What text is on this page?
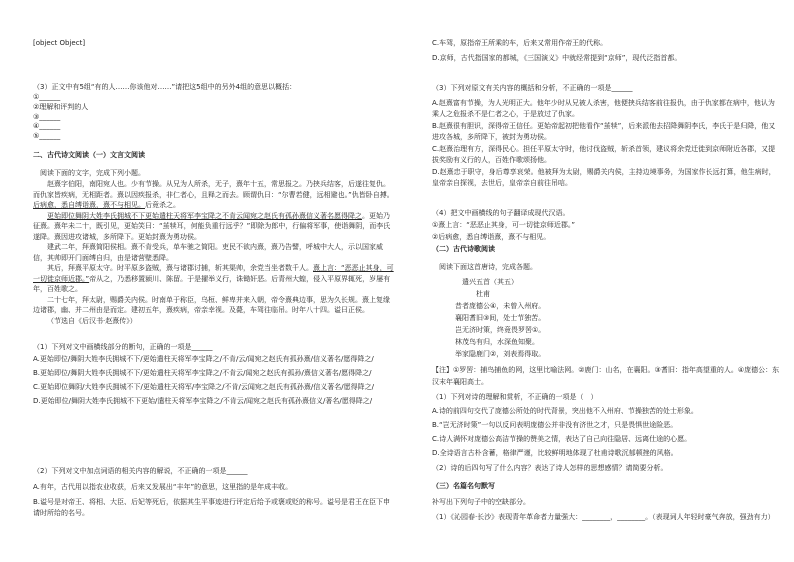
[object Object]

（3）正文中有5组“有的人……你该他对……”请把这5组中的另外4组的意思以概括：

①______

②理解和评判的人

③______

④______

⑤______

二、古代诗文阅读（一）文言文阅读

阅读下面的文字，完成下列小题。

赵熹字伯阳，南阳宛人也。少有节操。从兄为人所杀，无子，熹年十五，常思报之。乃挟兵结客，后遂往复仇。而仇家皆疾病，无相距者。熹以因疾报杀，非仁者心，且释之而去。顾谓仇曰：“尔曹若健，远相避也。”仇皆卧自搏。后病愈，悉自缚诣熹，熹不与相见。后竟杀之。

更始即位舞阴大姓李氏拥城不下更始遣柱天将军李宝降之不肯云闻宛之赵氏有孤孙熹信义著名愿得降之。更始乃征熹。熹年未二十，既引见，更始笑曰：“茧犊耳，何能负重行远乎？”即除为郎中，行偏将军事，使诣舞阴，而李氏遂降。熹因进攻诸城，多所降下。更始封熹为勇功侯。

建武二年，拜熹简阳侯相。熹不肯受兵，单车驰之简阳。吏民不欲内熹，熹乃告譬，呼城中大人，示以国家威信，其帅即开门面缚自归，由是诸营壁悉降。

其后，拜熹平原太守。时平原多盗贼，熹与诸郡讨捕，斩其渠帅，余党当坐者数千人。熹上言：“恶恶止其身，可一切徙京师近郡。”帝从之，乃悉移置颍川、陈留。于是擢举义行，诛锄奸恶。后青州大蝗，侵入平原界辄死，岁屡有年，百姓歌之。

二十七年，拜太尉，赐爵关内侯。时南单于称臣，乌桓、鲜卑并来入朝，帝令熹典边事，思为久长规。熹上复缘边诸郡，幽、并二州由是而定。建初五年，熹疾病，帝亲幸视。及薨，车驾往临吊。时年八十四。谥曰正侯。

（节选自《后汉书·赵熹传》）

（1）下列对文中画横线部分的断句，正确的一项是______

A.更始即位/舞阴大姓李氏拥城不下/更始遣柱天将军李宝降之/不肯/云/闻宛之赵氏有孤孙熹/信义著名/愿得降之/

B.更始即位/舞阴大姓李氏拥城不下/更始遣柱天将军李宝降之/不肯云/闻宛之赵氏有孤孙/熹信义著名/愿得降之/

C.更始即位舞阴/大姓李氏拥城不下/更始遣柱天将军/李宝降之/不肯/云闻宛之赵氏有孤孙熹/信义著名/愿得降之/

D.更始即位/舞阴大姓李氏拥城不下更始/遣柱天将军李宝降之/不肯云/闻宛之赵氏有孤孙熹信义/著名/愿得降之/

（2）下列对文中加点词语的相关内容的解说，不正确的一项是______

A.有年，古代用以指农业收获，后来又发展出“丰年”的意思，这里指的是年成丰收。

B.谥号是对帝王、将相、大臣、后妃等死后，依据其生平事迹进行评定后给予或褒或贬的称号。谥号是君王在臣下申请时所给的名号。

C.车驾，原指帝王所乘的车，后来又常用作帝王的代称。

D.京师，古代指国家的都城，《三国演义》中就经常提到“京师”，现代泛指首都。

（3）下列对原文有关内容的概括和分析，不正确的一项是______

A.赵熹富有节操，为人光明正大。他年少时从兄被人杀害，他便挟兵结客前往报仇，由于仇家都在病中，他认为乘人之危报杀不是仁者之心，于是放过了仇家。

B.赵熹很有胆识，深得帝王信任。更始帝起初把他看作“茧犊”，后来派他去招降舞阴李氏，李氏于是归降，他又进攻各城，多所降下，被封为勇功侯。

C.赵熹治理有方，深得民心。担任平原太守时，他讨伐盗贼，斩杀首领，建议将余党迁徙到京师附近各郡，又提拔奖励有义行的人，百姓作歌颂扬他。

D.赵熹忠于职守，身后尊享哀荣。他被拜为太尉，赐爵关内侯，主持边境事务，为国家作长远打算，他生病时，皇帝亲自探视，去世后，皇帝亲自前往吊唁。

（4）把文中画横线的句子翻译成现代汉语。

①熹上言：“恶恶止其身，可一切徙京师近郡。”

②后病愈，悉自缚诣熹，熹不与相见。

（二）古代诗歌阅读

阅读下面这首唐诗，完成各题。

遣兴五首（其五）
杜甫
昔者庞德公④，未曾入州府。
襄阳耆旧③间，处士节独苦。
岂无济时策，终竟畏罗罟①。
林茂鸟有归，水深鱼知聚。
举家隐鹿门②，刘表焉得取。

【注】①罗罟：捕鸟捕鱼的网，这里比喻法网。②鹿门：山名，在襄阳。③耆旧：指年高望重的人。④庞德公：东汉末年襄阳高士。

（1）下列对诗的理解和赏析，不正确的一项是（　）

A.诗的前四句交代了庞德公所处的时代背景，突出他不入州府、节操独苦的处士形象。

B.“岂无济时策”一句以反问表明庞德公并非没有济世之才，只是畏惧世途险恶。

C.诗人满怀对庞德公高洁节操的赞美之情，表达了自己向往隐居、远离仕途的心愿。

D.全诗语言古朴含蓄，格律严谨，比较鲜明地体现了杜甫诗歌沉郁顿挫的风格。

（2）诗的后四句写了什么内容？表达了诗人怎样的思想感情？请简要分析。

（三）名篇名句默写

补写出下列句子中的空缺部分。

（1）《沁园春·长沙》表现青年革命者力量强大：________，________。（表现词人年轻时豪气奔放，强劲有力）
